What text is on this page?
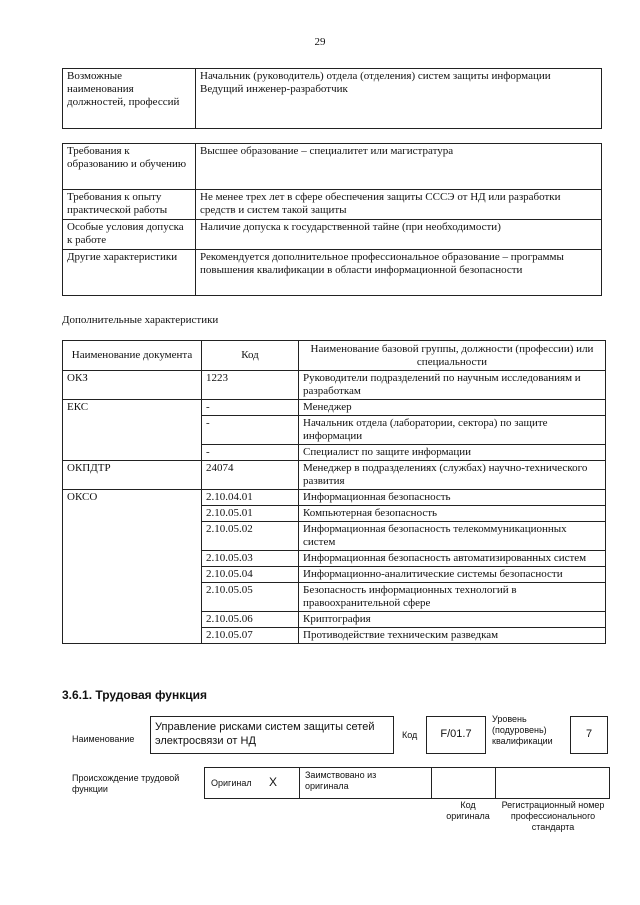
29
Возможные наименования должностей, профессий	Начальник (руководитель) отдела (отделения) систем защиты информации
Ведущий инженер-разработчик
Требования к образованию и обучению	Высшее образование – специалитет или магистратура
Требования к опыту практической работы	Не менее трех лет в сфере обеспечения защиты СССЭ от НД или разработки средств и систем такой защиты
Особые условия допуска к работе	Наличие допуска к государственной тайне (при необходимости)
Другие характеристики	Рекомендуется дополнительное профессиональное образование – программы повышения квалификации в области информационной безопасности
Дополнительные характеристики
Наименование документа	Код	Наименование базовой группы, должности (профессии) или специальности
ОКЗ	1223	Руководители подразделений по научным исследованиям и разработкам
ЕКС	-	Менеджер
	-	Начальник отдела (лаборатории, сектора) по защите информации
	-	Специалист по защите информации
ОКПДТР	24074	Менеджер в подразделениях (службах) научно-технического развития
ОКСО	2.10.04.01	Информационная безопасность
	2.10.05.01	Компьютерная безопасность
	2.10.05.02	Информационная безопасность телекоммуникационных систем
	2.10.05.03	Информационная безопасность автоматизированных систем
	2.10.05.04	Информационно-аналитические системы безопасности
	2.10.05.05	Безопасность информационных технологий в правоохранительной сфере
	2.10.05.06	Криптография
	2.10.05.07	Противодействие техническим разведкам
3.6.1. Трудовая функция
Наименование
Управление рисками систем защиты сетей электросвязи от НД	Код	F/01.7
Уровень (подуровень) квалификации
7
Происхождение трудовой функции
Оригинал X	Заимствовано из оригинала
Код оригинала
Регистрационный номер профессионального стандарта
